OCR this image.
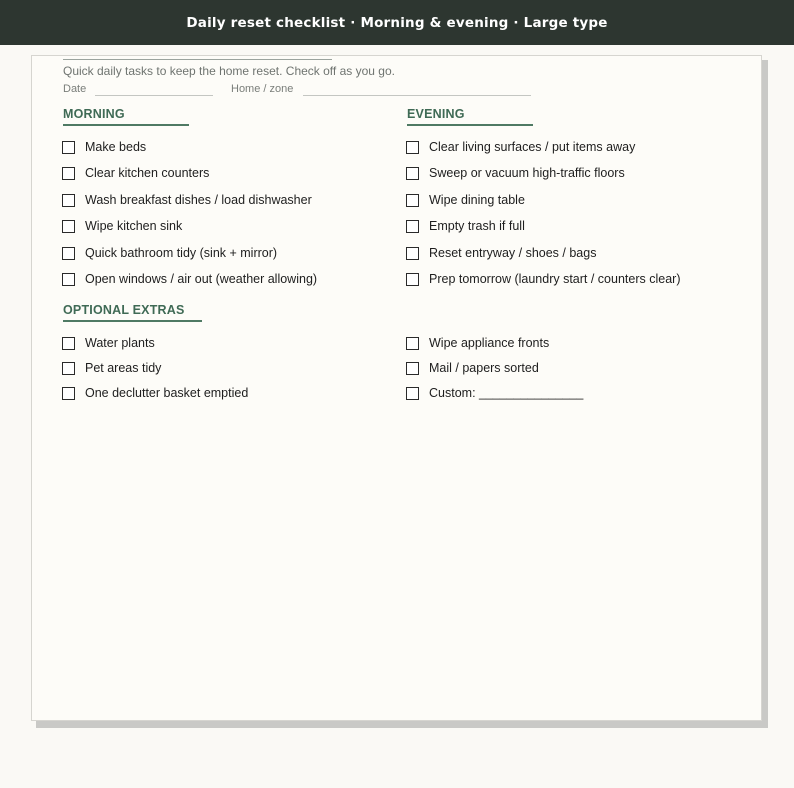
Daily reset checklist · Morning & evening · Large type
Quick daily tasks to keep the home reset. Check off as you go.
Date	Home / zone
MORNING
Make beds
Clear kitchen counters
Wash breakfast dishes / load dishwasher
Wipe kitchen sink
Quick bathroom tidy (sink + mirror)
Open windows / air out (weather allowing)
EVENING
Clear living surfaces / put items away
Sweep or vacuum high-traffic floors
Wipe dining table
Empty trash if full
Reset entryway / shoes / bags
Prep tomorrow (laundry start / counters clear)
OPTIONAL EXTRAS
Water plants
Pet areas tidy
One declutter basket emptied
Wipe appliance fronts
Mail / papers sorted
Custom: _______________
